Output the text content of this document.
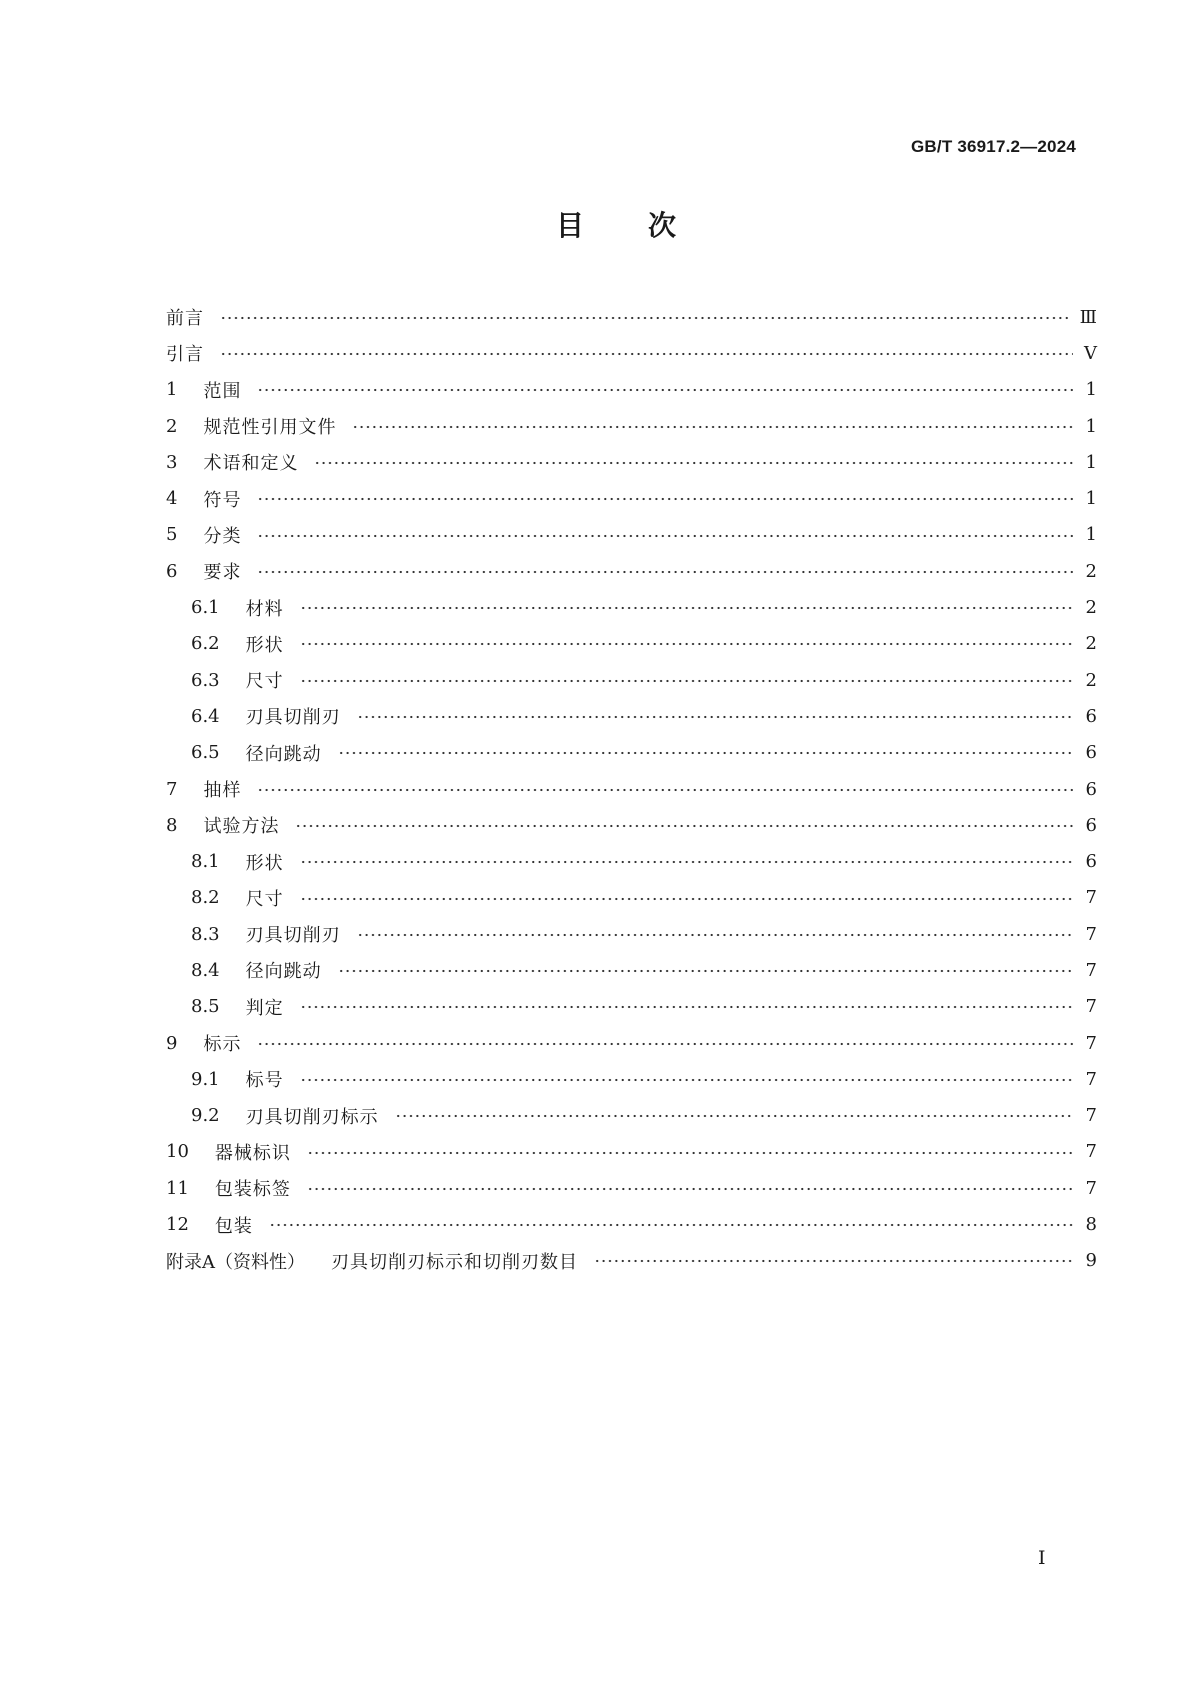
GB/T 36917.2—2024
目　次
前言	Ⅲ
引言	Ⅴ
1 范围	1
2 规范性引用文件	1
3 术语和定义	1
4 符号	1
5 分类	1
6 要求	2
6.1 材料	2
6.2 形状	2
6.3 尺寸	2
6.4 刃具切削刃	6
6.5 径向跳动	6
7 抽样	6
8 试验方法	6
8.1 形状	6
8.2 尺寸	7
8.3 刃具切削刃	7
8.4 径向跳动	7
8.5 判定	7
9 标示	7
9.1 标号	7
9.2 刃具切削刃标示	7
10 器械标识	7
11 包装标签	7
12 包装	8
附录A（资料性） 刃具切削刃标示和切削刃数目	9
I
